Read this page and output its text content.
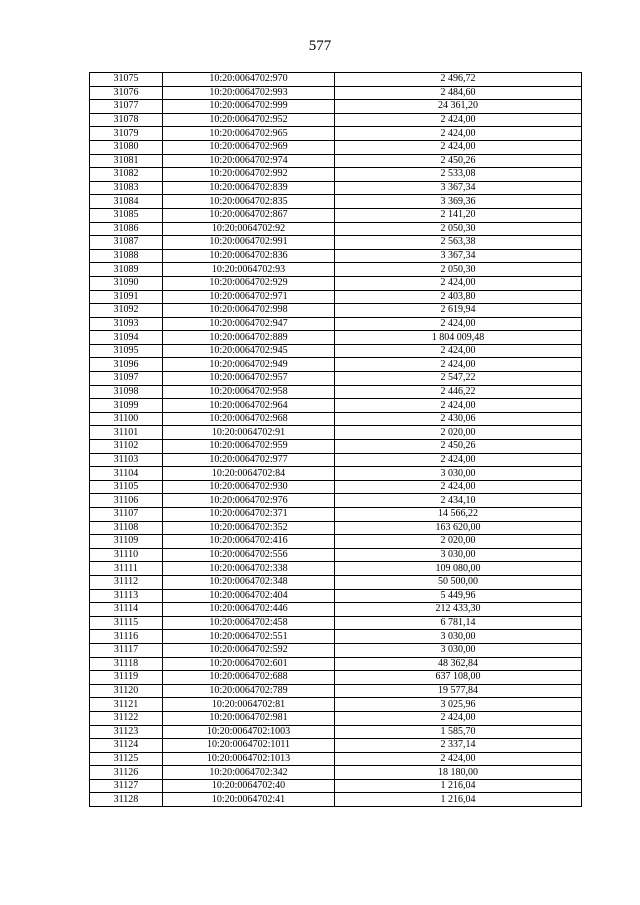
577
31075	10:20:0064702:970	2 496,72
31076	10:20:0064702:993	2 484,60
31077	10:20:0064702:999	24 361,20
31078	10:20:0064702:952	2 424,00
31079	10:20:0064702:965	2 424,00
31080	10:20:0064702:969	2 424,00
31081	10:20:0064702:974	2 450,26
31082	10:20:0064702:992	2 533,08
31083	10:20:0064702:839	3 367,34
31084	10:20:0064702:835	3 369,36
31085	10:20:0064702:867	2 141,20
31086	10:20:0064702:92	2 050,30
31087	10:20:0064702:991	2 563,38
31088	10:20:0064702:836	3 367,34
31089	10:20:0064702:93	2 050,30
31090	10:20:0064702:929	2 424,00
31091	10:20:0064702:971	2 403,80
31092	10:20:0064702:998	2 619,94
31093	10:20:0064702:947	2 424,00
31094	10:20:0064702:889	1 804 009,48
31095	10:20:0064702:945	2 424,00
31096	10:20:0064702:949	2 424,00
31097	10:20:0064702:957	2 547,22
31098	10:20:0064702:958	2 446,22
31099	10:20:0064702:964	2 424,00
31100	10:20:0064702:968	2 430,06
31101	10:20:0064702:91	2 020,00
31102	10:20:0064702:959	2 450,26
31103	10:20:0064702:977	2 424,00
31104	10:20:0064702:84	3 030,00
31105	10:20:0064702:930	2 424,00
31106	10:20:0064702:976	2 434,10
31107	10:20:0064702:371	14 566,22
31108	10:20:0064702:352	163 620,00
31109	10:20:0064702:416	2 020,00
31110	10:20:0064702:556	3 030,00
31111	10:20:0064702:338	109 080,00
31112	10:20:0064702:348	50 500,00
31113	10:20:0064702:404	5 449,96
31114	10:20:0064702:446	212 433,30
31115	10:20:0064702:458	6 781,14
31116	10:20:0064702:551	3 030,00
31117	10:20:0064702:592	3 030,00
31118	10:20:0064702:601	48 362,84
31119	10:20:0064702:688	637 108,00
31120	10:20:0064702:789	19 577,84
31121	10:20:0064702:81	3 025,96
31122	10:20:0064702:981	2 424,00
31123	10:20:0064702:1003	1 585,70
31124	10:20:0064702:1011	2 337,14
31125	10:20:0064702:1013	2 424,00
31126	10:20:0064702:342	18 180,00
31127	10:20:0064702:40	1 216,04
31128	10:20:0064702:41	1 216,04
